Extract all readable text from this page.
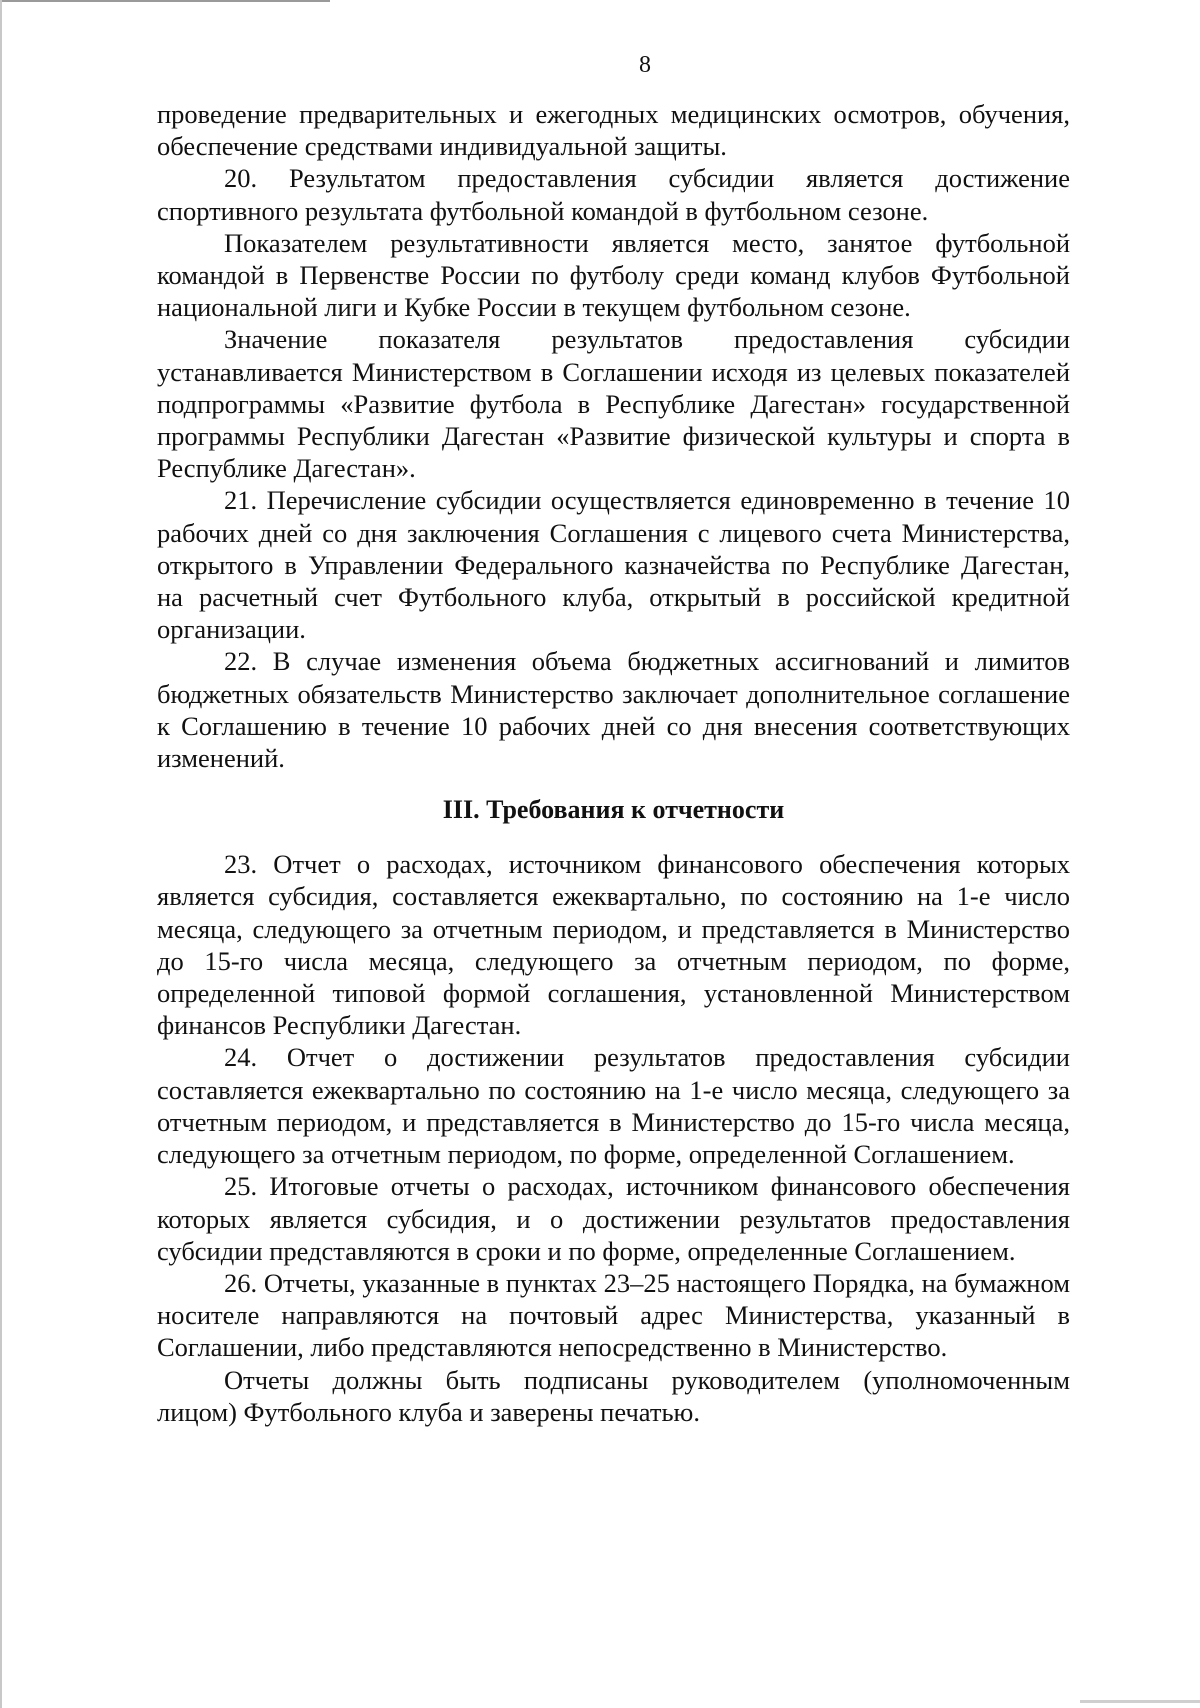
8

проведение предварительных и ежегодных медицинских осмотров, обучения, обеспечение средствами индивидуальной защиты.

20. Результатом предоставления субсидии является достижение спортивного результата футбольной командой в футбольном сезоне.

Показателем результативности является место, занятое футбольной командой в Первенстве России по футболу среди команд клубов Футбольной национальной лиги и Кубке России в текущем футбольном сезоне.

Значение показателя результатов предоставления субсидии устанавливается Министерством в Соглашении исходя из целевых показателей подпрограммы «Развитие футбола в Республике Дагестан» государственной программы Республики Дагестан «Развитие физической культуры и спорта в Республике Дагестан».

21. Перечисление субсидии осуществляется единовременно в течение 10 рабочих дней со дня заключения Соглашения с лицевого счета Министерства, открытого в Управлении Федерального казначейства по Республике Дагестан, на расчетный счет Футбольного клуба, открытый в российской кредитной организации.

22. В случае изменения объема бюджетных ассигнований и лимитов бюджетных обязательств Министерство заключает дополнительное соглашение к Соглашению в течение 10 рабочих дней со дня внесения соответствующих изменений.

III. Требования к отчетности

23. Отчет о расходах, источником финансового обеспечения которых является субсидия, составляется ежеквартально, по состоянию на 1-е число месяца, следующего за отчетным периодом, и представляется в Министерство до 15-го числа месяца, следующего за отчетным периодом, по форме, определенной типовой формой соглашения, установленной Министерством финансов Республики Дагестан.

24. Отчет о достижении результатов предоставления субсидии составляется ежеквартально по состоянию на 1-е число месяца, следующего за отчетным периодом, и представляется в Министерство до 15-го числа месяца, следующего за отчетным периодом, по форме, определенной Соглашением.

25. Итоговые отчеты о расходах, источником финансового обеспечения которых является субсидия, и о достижении результатов предоставления субсидии представляются в сроки и по форме, определенные Соглашением.

26. Отчеты, указанные в пунктах 23–25 настоящего Порядка, на бумажном носителе направляются на почтовый адрес Министерства, указанный в Соглашении, либо представляются непосредственно в Министерство.

Отчеты должны быть подписаны руководителем (уполномоченным лицом) Футбольного клуба и заверены печатью.
